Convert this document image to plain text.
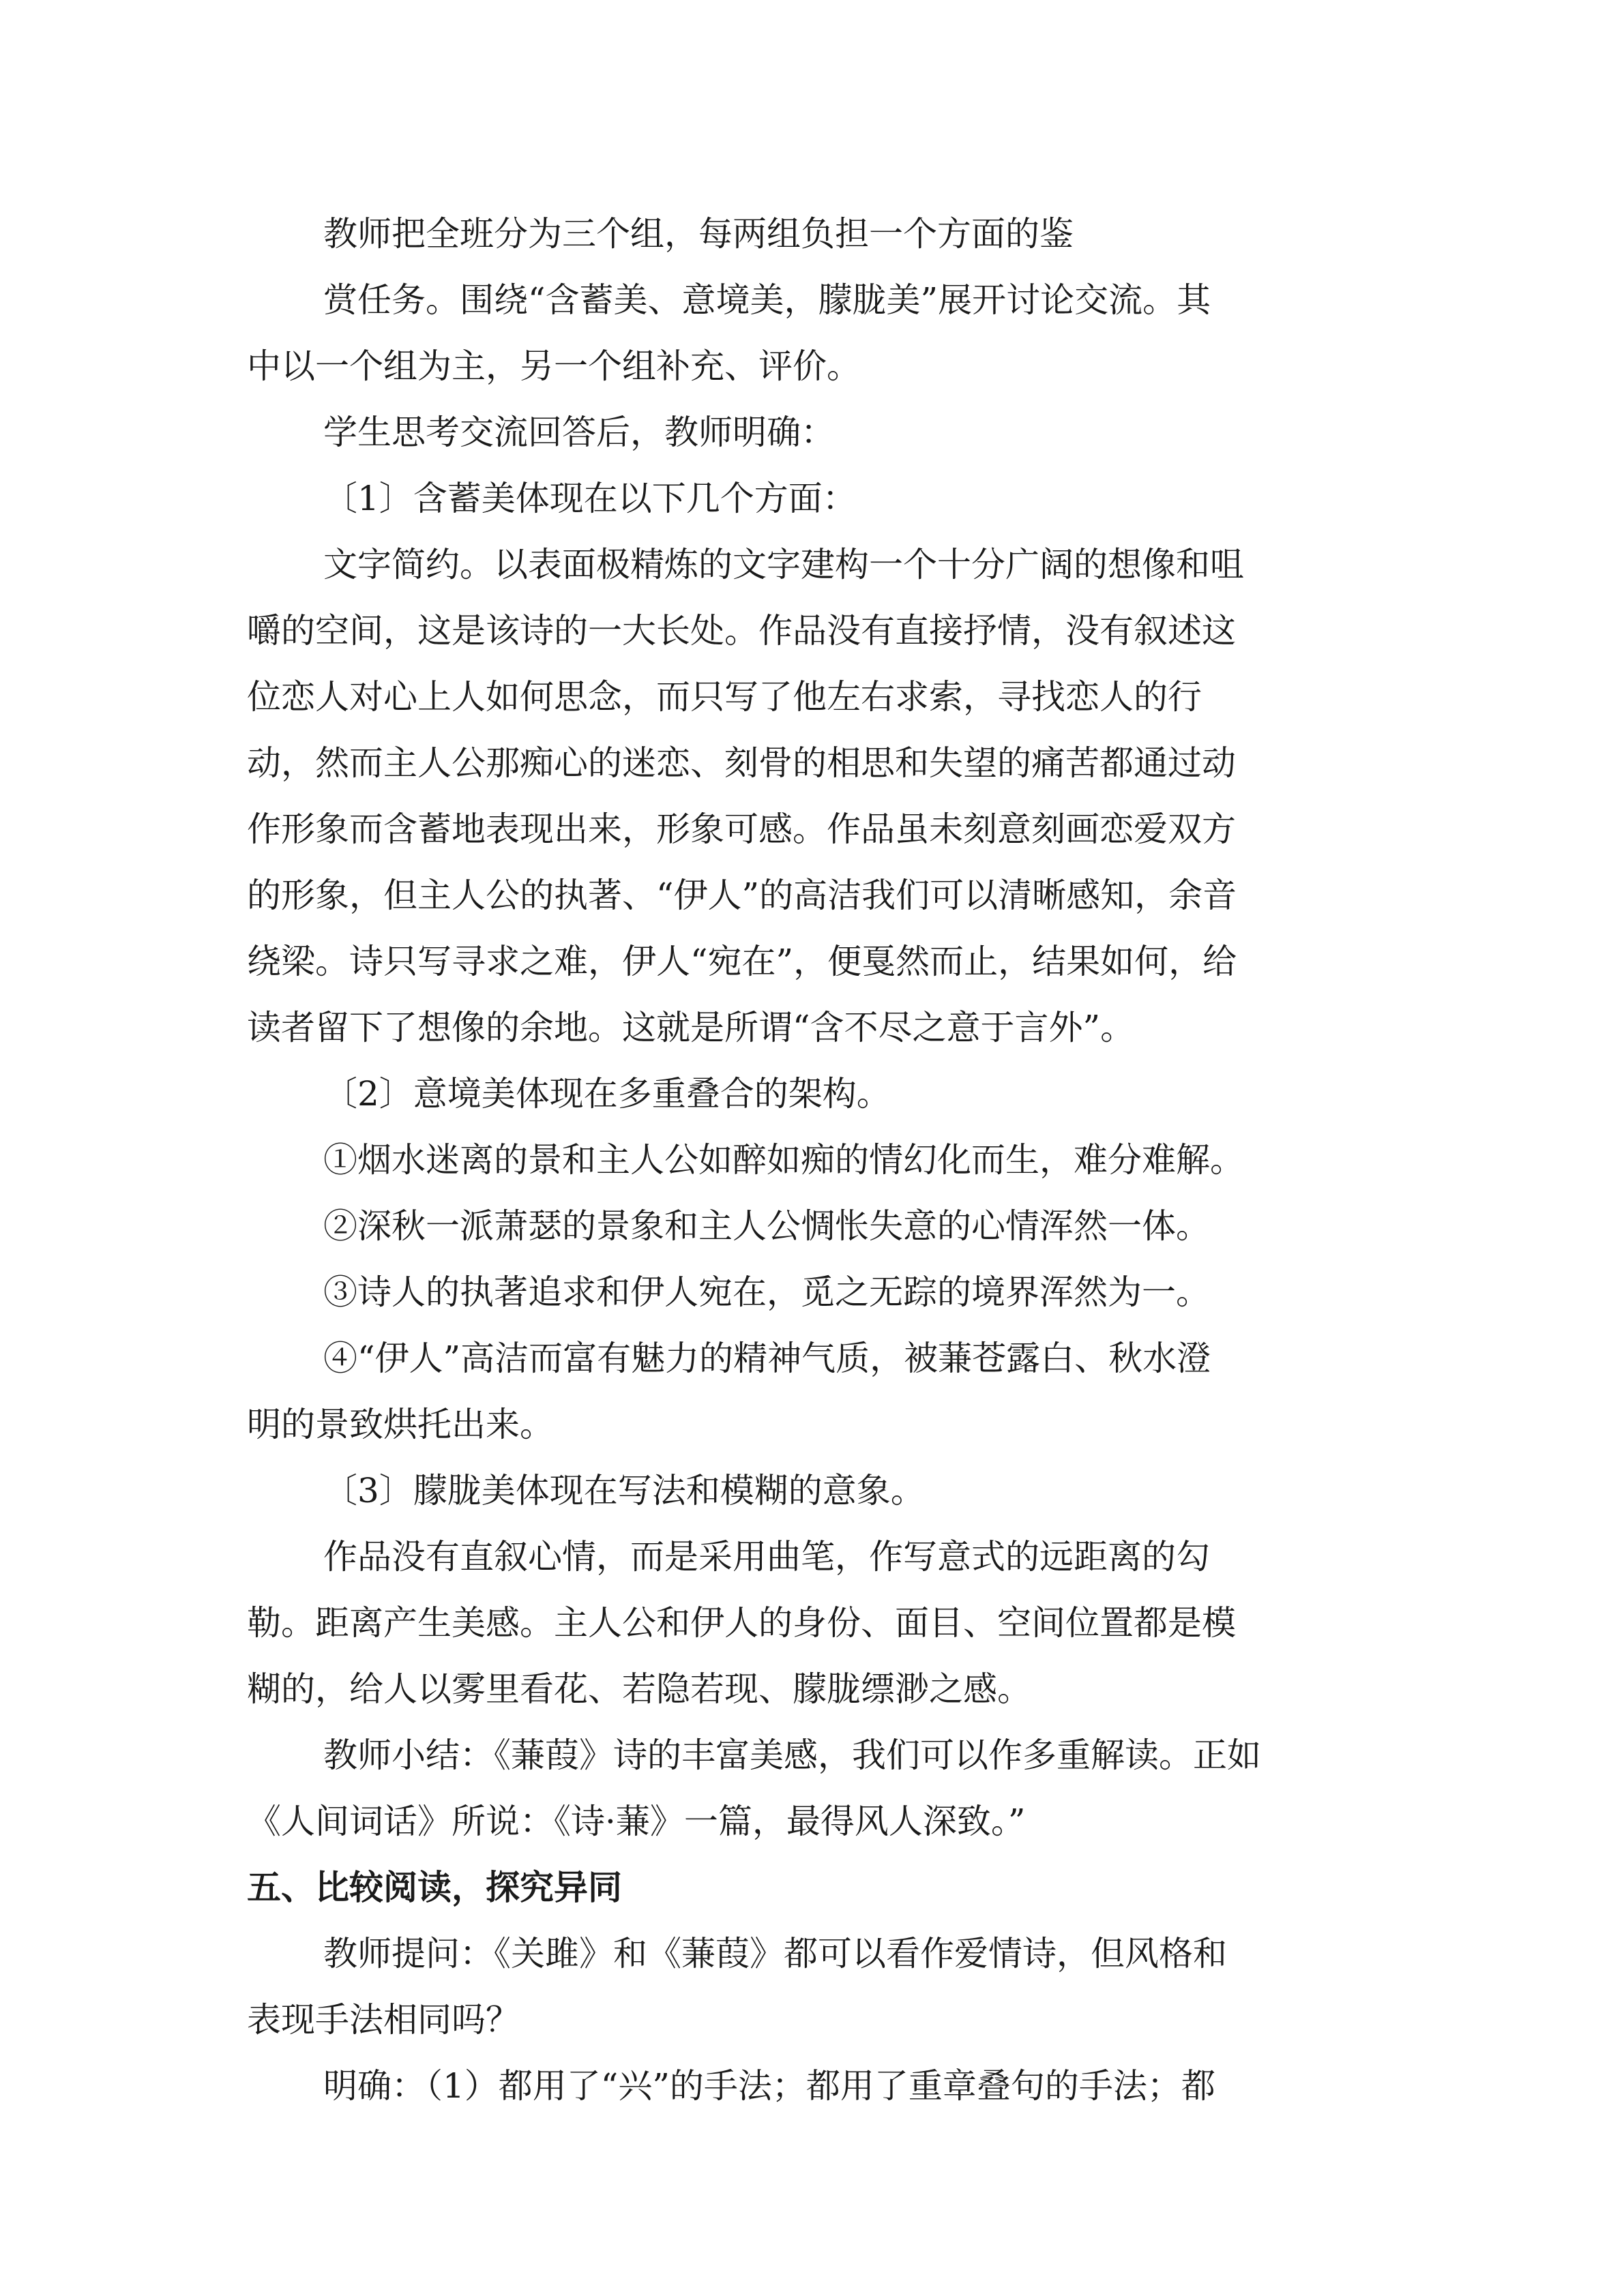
教师把全班分为三个组，每两组负担一个方面的鉴
赏任务。围绕“含蓄美、意境美，朦胧美”展开讨论交流。其
中以一个组为主，另一个组补充、评价。
学生思考交流回答后，教师明确：
〔1〕含蓄美体现在以下几个方面：
文字简约。以表面极精炼的文字建构一个十分广阔的想像和咀
嚼的空间，这是该诗的一大长处。作品没有直接抒情，没有叙述这
位恋人对心上人如何思念，而只写了他左右求索，寻找恋人的行
动，然而主人公那痴心的迷恋、刻骨的相思和失望的痛苦都通过动
作形象而含蓄地表现出来，形象可感。作品虽未刻意刻画恋爱双方
的形象，但主人公的执著、“伊人”的高洁我们可以清晰感知，余音
绕梁。诗只写寻求之难，伊人“宛在”，便戛然而止，结果如何，给
读者留下了想像的余地。这就是所谓“含不尽之意于言外”。
〔2〕意境美体现在多重叠合的架构。
①烟水迷离的景和主人公如醉如痴的情幻化而生，难分难解。
②深秋一派萧瑟的景象和主人公惆怅失意的心情浑然一体。
③诗人的执著追求和伊人宛在，觅之无踪的境界浑然为一。
④“伊人”高洁而富有魅力的精神气质，被蒹苍露白、秋水澄
明的景致烘托出来。
〔3〕朦胧美体现在写法和模糊的意象。
作品没有直叙心情，而是采用曲笔，作写意式的远距离的勾
勒。距离产生美感。主人公和伊人的身份、面目、空间位置都是模
糊的，给人以雾里看花、若隐若现、朦胧缥渺之感。
教师小结：《蒹葭》诗的丰富美感，我们可以作多重解读。正如
《人间词话》所说：《诗·蒹》一篇，最得风人深致。”
五、比较阅读，探究异同
教师提问：《关雎》和《蒹葭》都可以看作爱情诗，但风格和
表现手法相同吗？
明确：（1）都用了“兴”的手法；都用了重章叠句的手法；都
